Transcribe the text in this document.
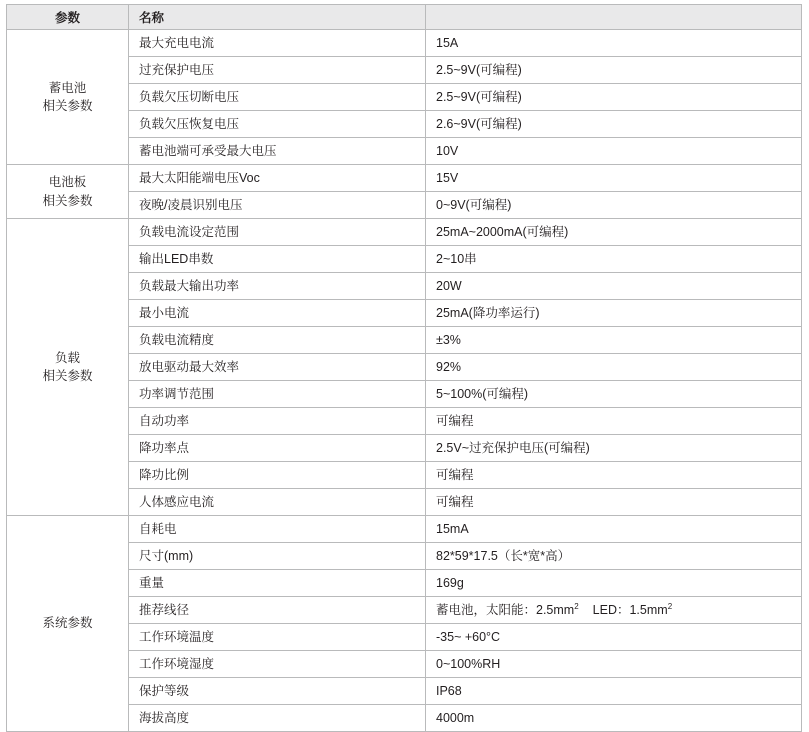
参数	名称	

蓄电池
相关参数	最大充电电流	15A
	过充保护电压	2.5~9V(可编程)
	负载欠压切断电压	2.5~9V(可编程)
	负载欠压恢复电压	2.6~9V(可编程)
	蓄电池端可承受最大电压	10V

电池板
相关参数	最大太阳能端电压Voc	15V
	夜晚/凌晨识别电压	0~9V(可编程)

负载
相关参数	负载电流设定范围	25mA~2000mA(可编程)
	输出LED串数	2~10串
	负载最大输出功率	20W
	最小电流	25mA(降功率运行)
	负载电流精度	±3%
	放电驱动最大效率	92%
	功率调节范围	5~100%(可编程)
	自动功率	可编程
	降功率点	2.5V~过充保护电压(可编程)
	降功比例	可编程
	人体感应电流	可编程

系统参数	自耗电	15mA
	尺寸(mm)	82*59*17.5（长*宽*高）
	重量	169g
	推荐线径	蓄电池，太阳能：$2.5mm^2$ LED：$1.5mm^2$
	工作环境温度	-35~ +60°C
	工作环境湿度	0~100%RH
	保护等级	IP68
	海拔高度	4000m
